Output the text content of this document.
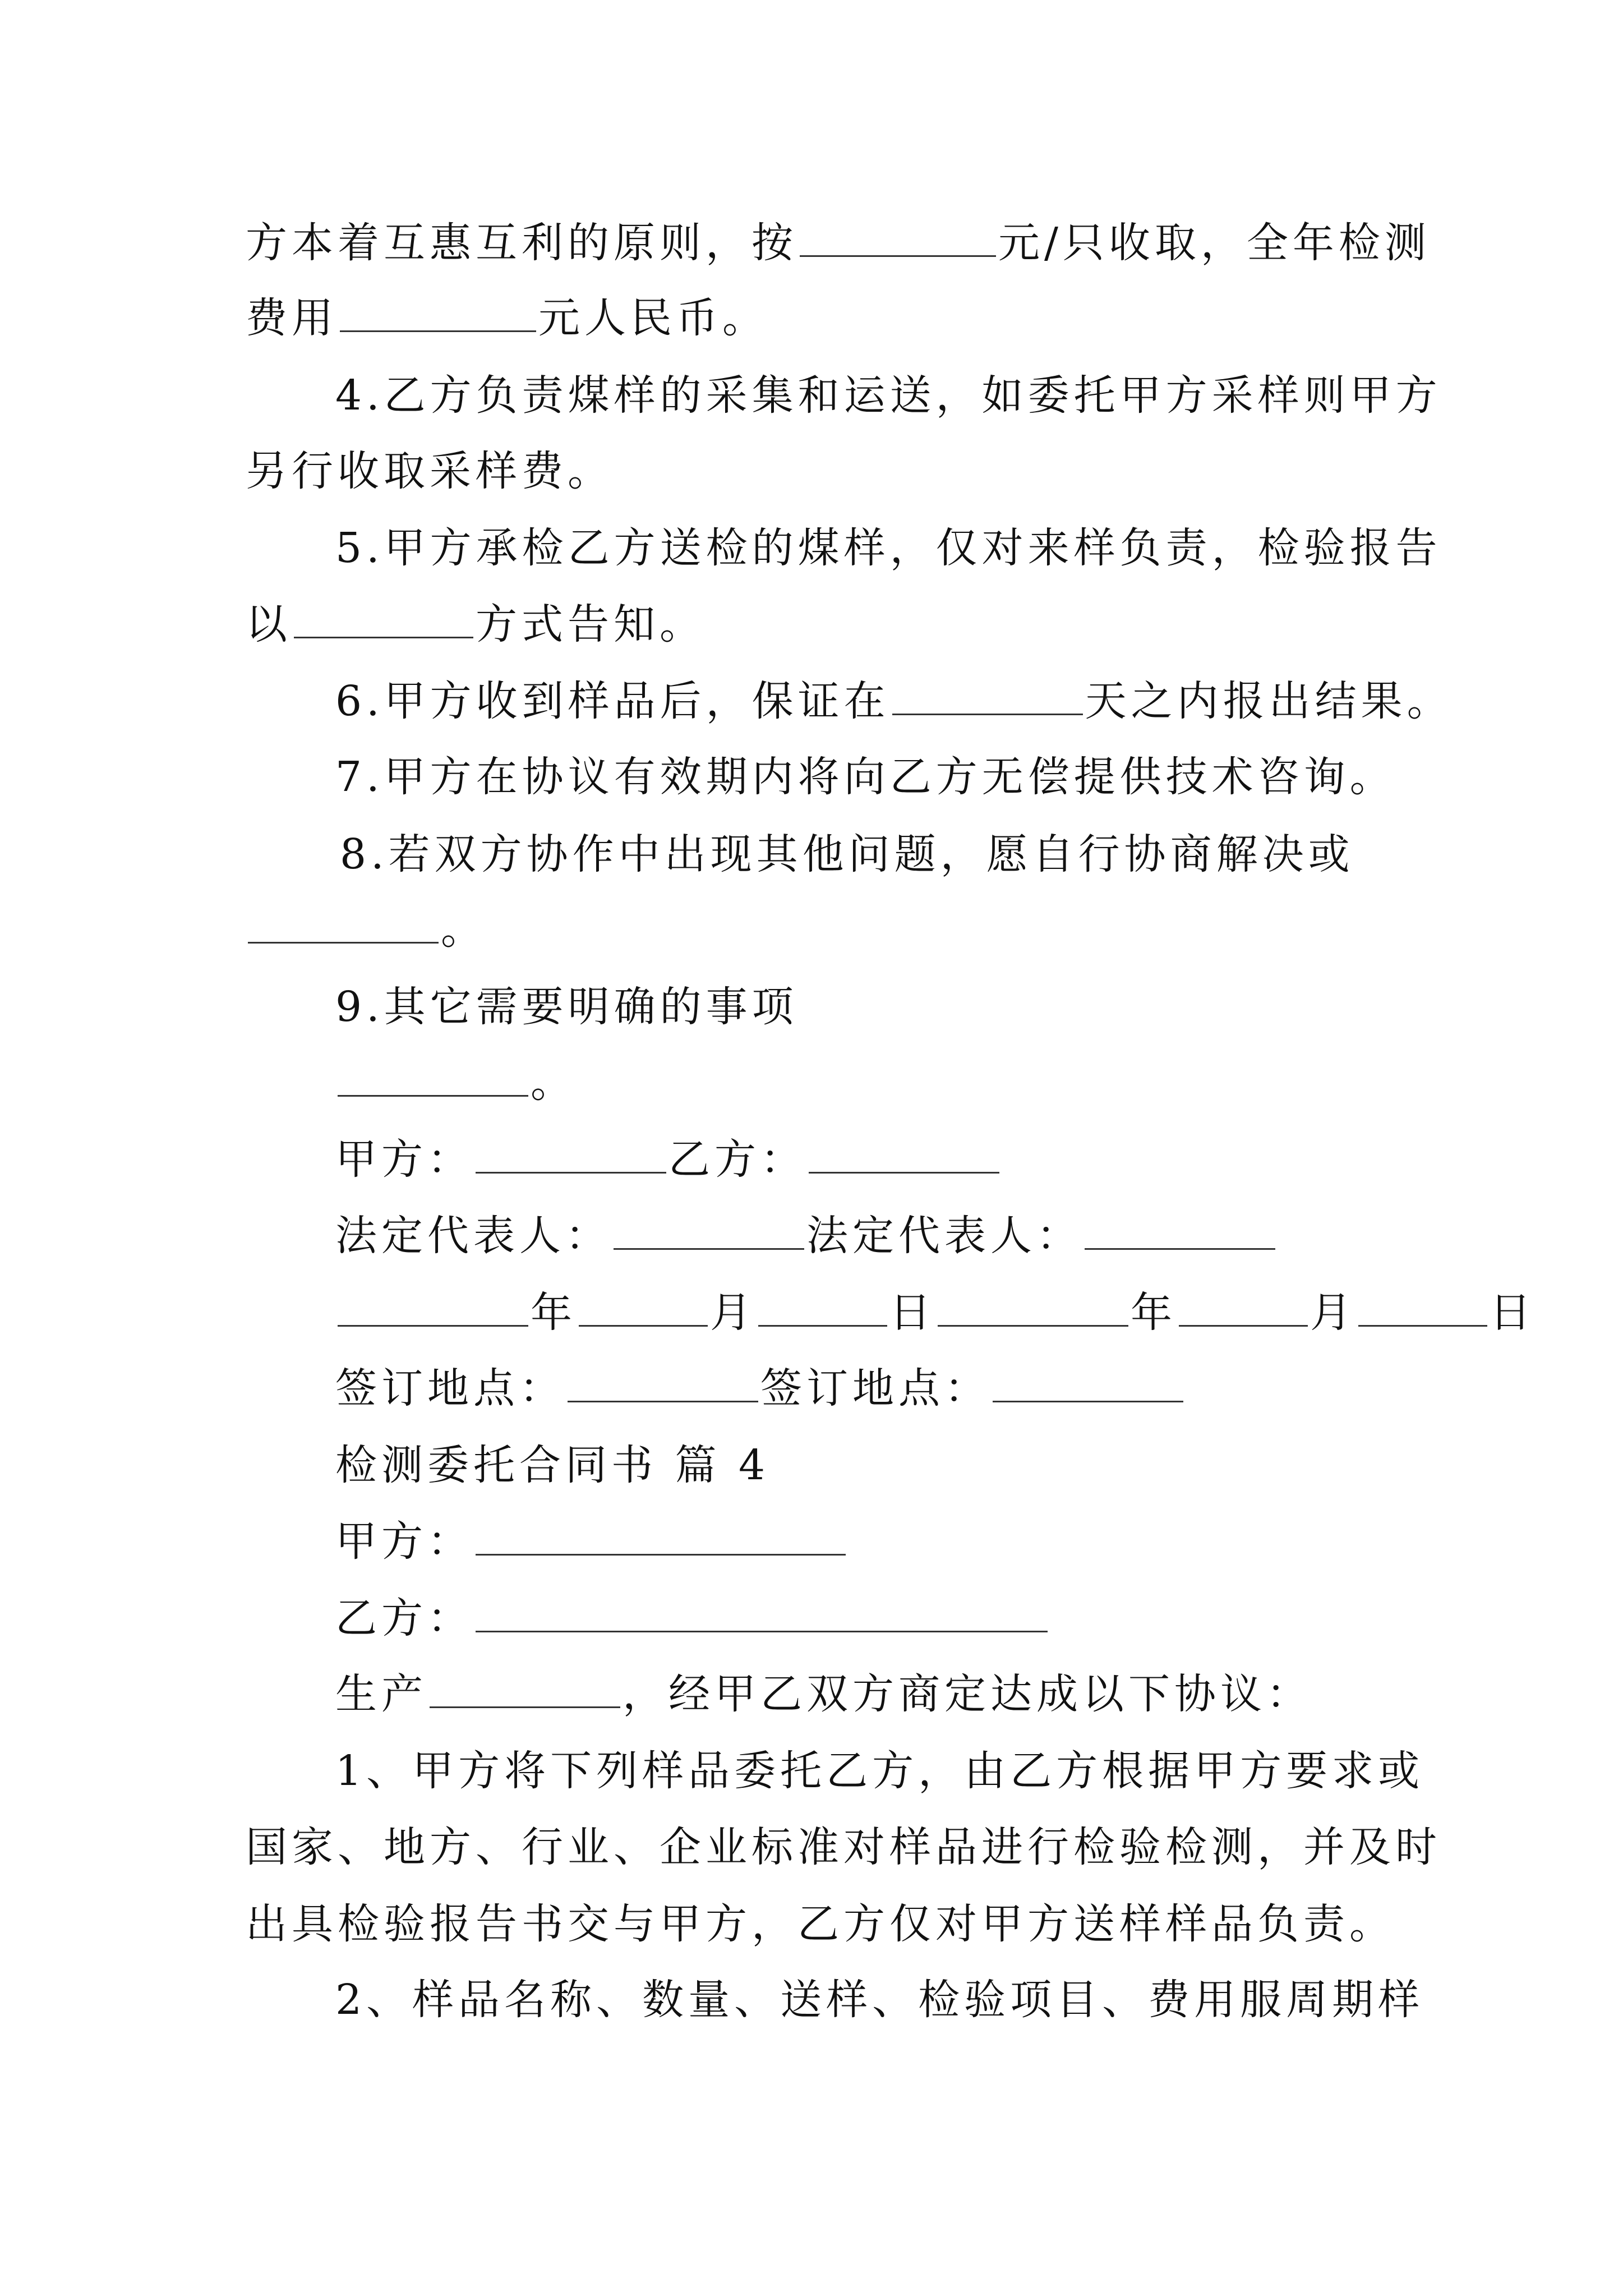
方本着互惠互利的原则，按	元/只收取，全年检测

费用	元人民币。

4.乙方负责煤样的采集和运送，如委托甲方采样则甲方

另行收取采样费。

5.甲方承检乙方送检的煤样，仅对来样负责，检验报告

以	方式告知。

6.甲方收到样品后，保证在	天之内报出结果。

7.甲方在协议有效期内将向乙方无偿提供技术咨询。

8.若双方协作中出现其他问题，愿自行协商解决或

。

9.其它需要明确的事项

。

甲方：	乙方：

法定代表人：	法定代表人：

年	月	日	年	月	日

签订地点：	签订地点：

检测委托合同书 篇 4

甲方：

乙方：

生产	，经甲乙双方商定达成以下协议：

1、甲方将下列样品委托乙方，由乙方根据甲方要求或

国家、地方、行业、企业标准对样品进行检验检测，并及时

出具检验报告书交与甲方，乙方仅对甲方送样样品负责。

2、样品名称、数量、送样、检验项目、费用服周期样
